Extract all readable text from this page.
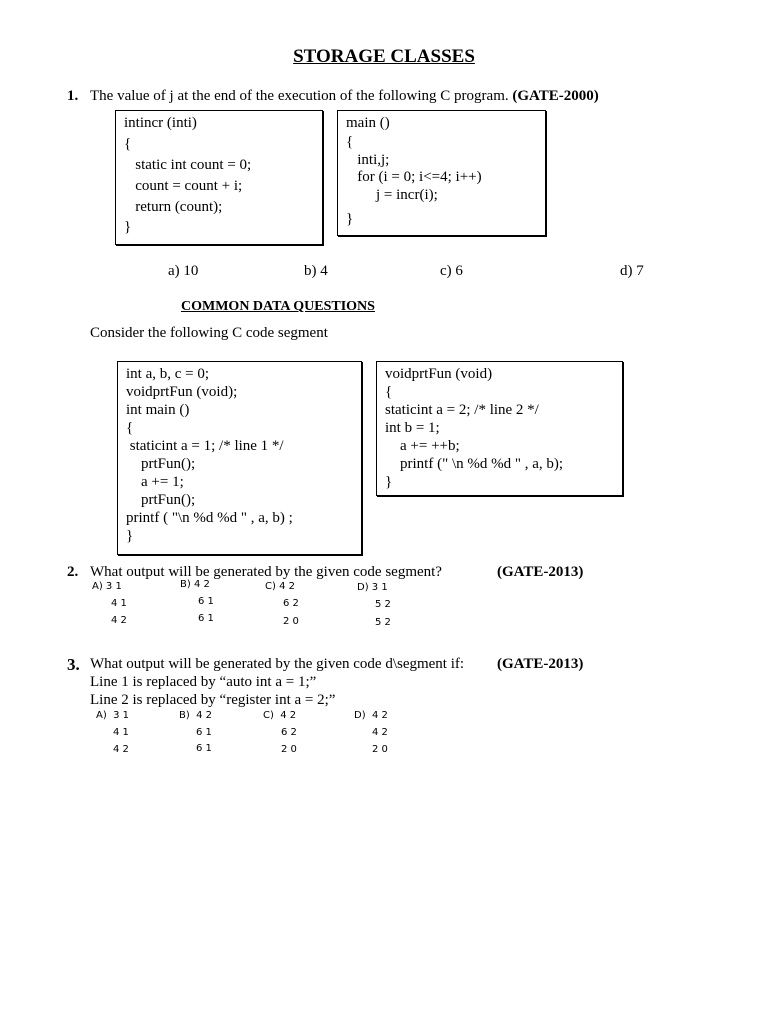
STORAGE CLASSES
1. The value of j at the end of the execution of the following C program. (GATE-2000)
intincr (inti)
{
static int count = 0;
count = count + i;
return (count);
}
main ()
{
inti,j;
for (i = 0; i<=4; i++)
j = incr(i);
}
a) 10	b) 4	c) 6	d) 7
COMMON DATA QUESTIONS
Consider the following C code segment
int a, b, c = 0;
voidprtFun (void);
int main ()
{
staticint a = 1; /* line 1 */
prtFun();
a += 1;
prtFun();
printf ( "\n %d %d " , a, b) ;
}
voidprtFun (void)
{
staticint a = 2; /* line 2 */
int b = 1;
a += ++b;
printf (" \n %d %d " , a, b);
}
2. What output will be generated by the given code segment?	(GATE-2013)
A) 3 1
4 1
4 2
B) 4 2
6 1
6 1
C) 4 2
6 2
2 0
D) 3 1
5 2
5 2
3. What output will be generated by the given code d\segment if: (GATE-2013)
Line 1 is replaced by “auto int a = 1;”
Line 2 is replaced by “register int a = 2;”
A)  3 1
4 1
4 2
B)  4 2
6 1
6 1
C)  4 2
6 2
2 0
D)  4 2
4 2
2 0
